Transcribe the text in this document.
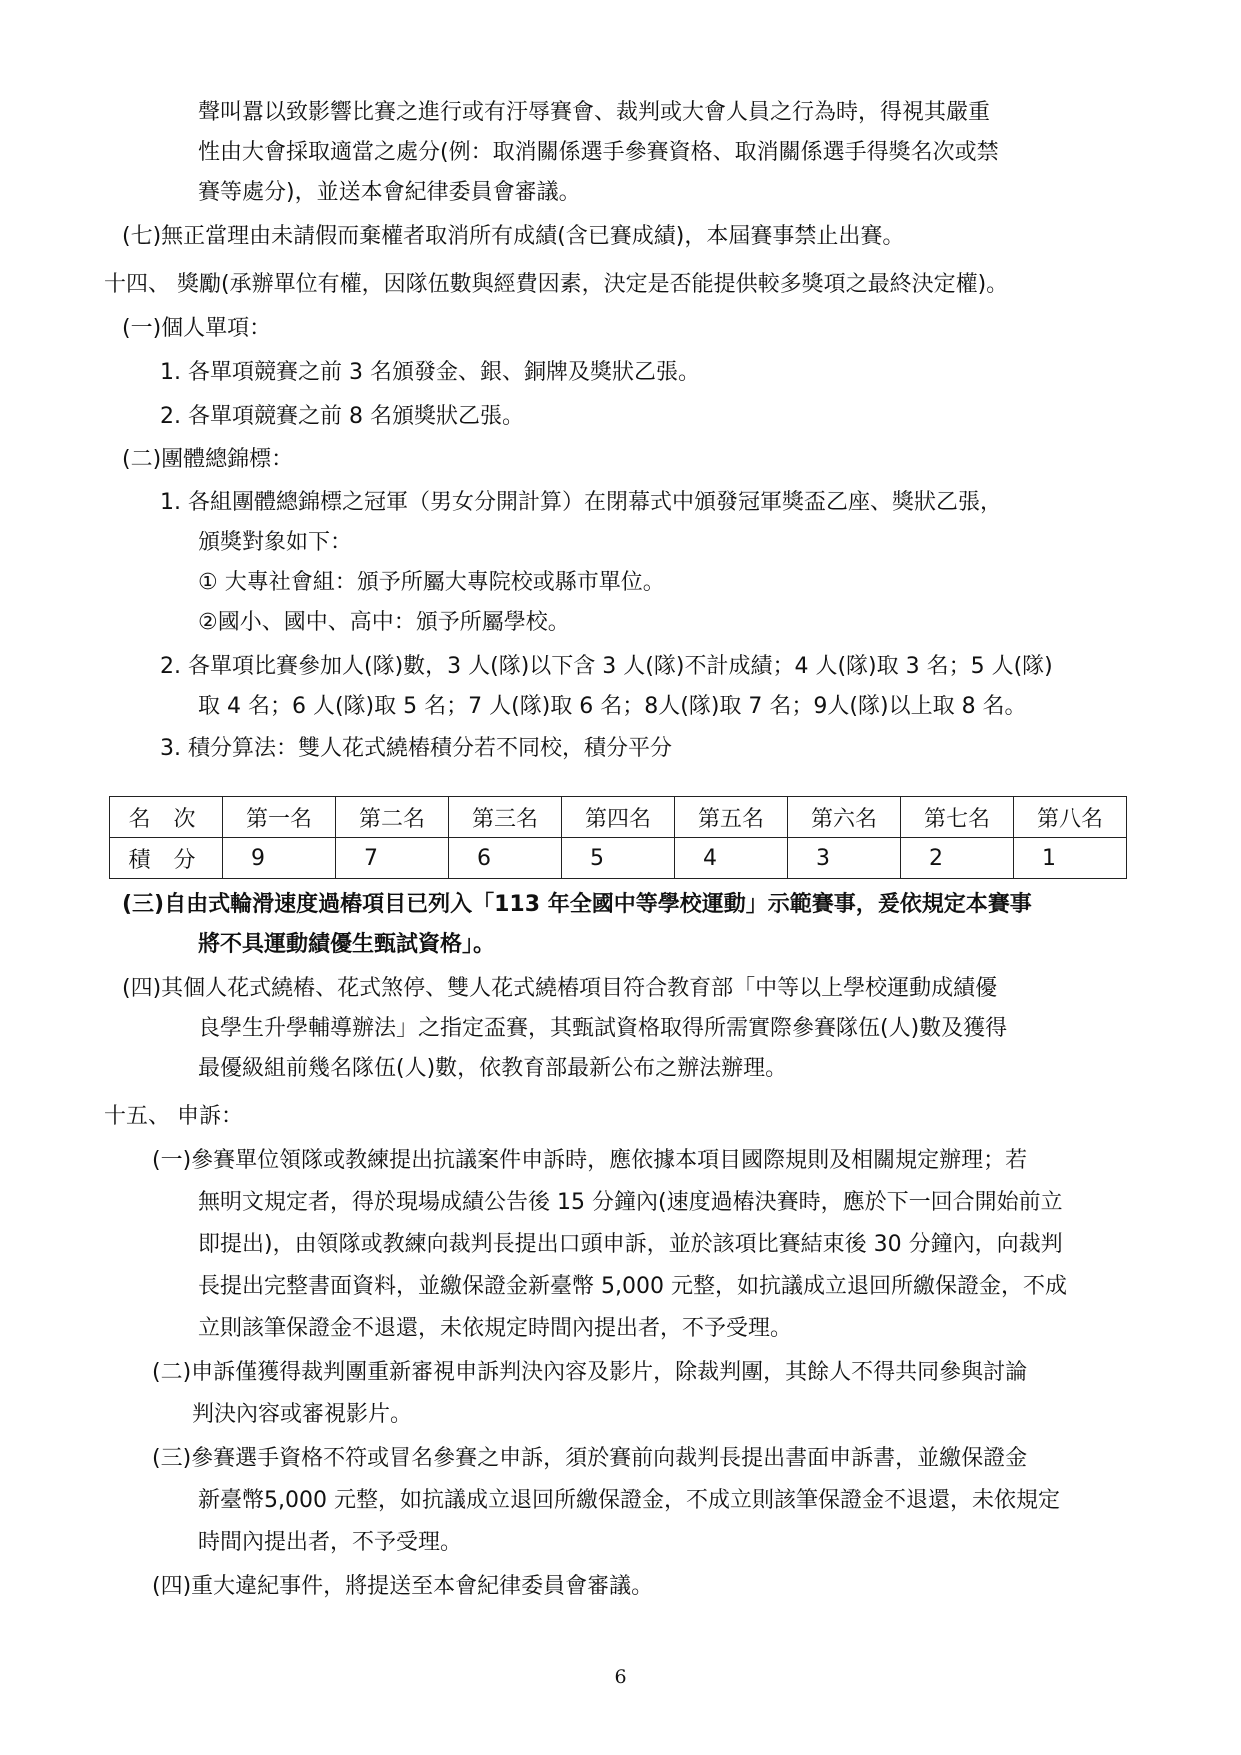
聲叫囂以致影響比賽之進行或有汙辱賽會、裁判或大會人員之行為時，得視其嚴重
性由大會採取適當之處分(例：取消關係選手參賽資格、取消關係選手得獎名次或禁
賽等處分)，並送本會紀律委員會審議。
(七)無正當理由未請假而棄權者取消所有成績(含已賽成績)，本屆賽事禁止出賽。
十四、 獎勵(承辦單位有權，因隊伍數與經費因素，決定是否能提供較多獎項之最終決定權)。
(一)個人單項：
1. 各單項競賽之前 3 名頒發金、銀、銅牌及獎狀乙張。
2. 各單項競賽之前 8 名頒獎狀乙張。
(二)團體總錦標：
1. 各組團體總錦標之冠軍（男女分開計算）在閉幕式中頒發冠軍獎盃乙座、獎狀乙張，
頒獎對象如下：
① 大專社會組：頒予所屬大專院校或縣市單位。
②國小、國中、高中：頒予所屬學校。
2. 各單項比賽參加人(隊)數，3 人(隊)以下含 3 人(隊)不計成績；4 人(隊)取 3 名；5 人(隊)
取 4 名；6 人(隊)取 5 名；7 人(隊)取 6 名；8人(隊)取 7 名；9人(隊)以上取 8 名。
3. 積分算法：雙人花式繞樁積分若不同校，積分平分
名 次	第一名	第二名	第三名	第四名	第五名	第六名	第七名	第八名
積 分	9	7	6	5	4	3	2	1
(三)自由式輪滑速度過樁項目已列入「113 年全國中等學校運動」示範賽事，爰依規定本賽事
將不具運動績優生甄試資格」。
(四)其個人花式繞樁、花式煞停、雙人花式繞樁項目符合教育部「中等以上學校運動成績優
良學生升學輔導辦法」之指定盃賽，其甄試資格取得所需實際參賽隊伍(人)數及獲得
最優級組前幾名隊伍(人)數，依教育部最新公布之辦法辦理。
十五、 申訴：
(一)參賽單位領隊或教練提出抗議案件申訴時，應依據本項目國際規則及相關規定辦理；若
無明文規定者，得於現場成績公告後 15 分鐘內(速度過樁決賽時，應於下一回合開始前立
即提出)，由領隊或教練向裁判長提出口頭申訴，並於該項比賽結束後 30 分鐘內，向裁判
長提出完整書面資料，並繳保證金新臺幣 5,000 元整，如抗議成立退回所繳保證金，不成
立則該筆保證金不退還，未依規定時間內提出者，不予受理。
(二)申訴僅獲得裁判團重新審視申訴判決內容及影片，除裁判團，其餘人不得共同參與討論
判決內容或審視影片。
(三)參賽選手資格不符或冒名參賽之申訴，須於賽前向裁判長提出書面申訴書，並繳保證金
新臺幣5,000 元整，如抗議成立退回所繳保證金，不成立則該筆保證金不退還，未依規定
時間內提出者，不予受理。
(四)重大違紀事件，將提送至本會紀律委員會審議。
6
